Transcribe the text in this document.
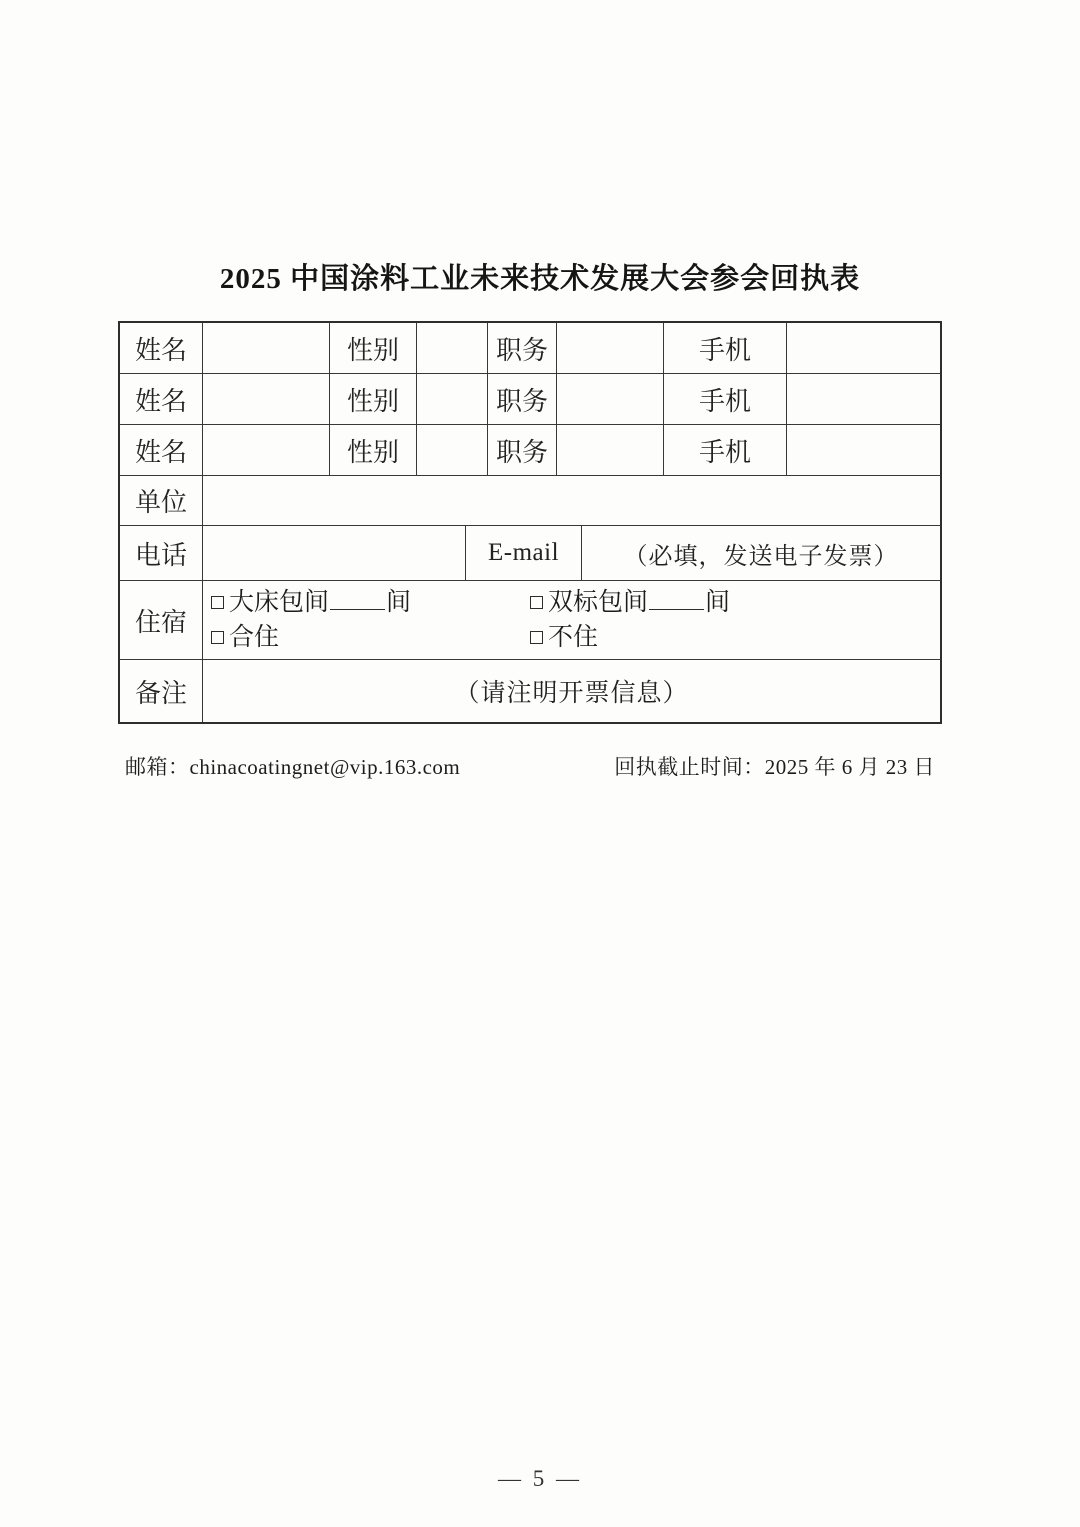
2025 中国涂料工业未来技术发展大会参会回执表
姓名	性别	职务	手机
姓名	性别	职务	手机
姓名	性别	职务	手机
单位
电话	E-mail	（必填，发送电子发票）
住宿
大床包间 间	双标包间 间
合住	不住
备注	（请注明开票信息）
邮箱：chinacoatingnet@vip.163.com	回执截止时间：2025 年 6 月 23 日
— 5 —
